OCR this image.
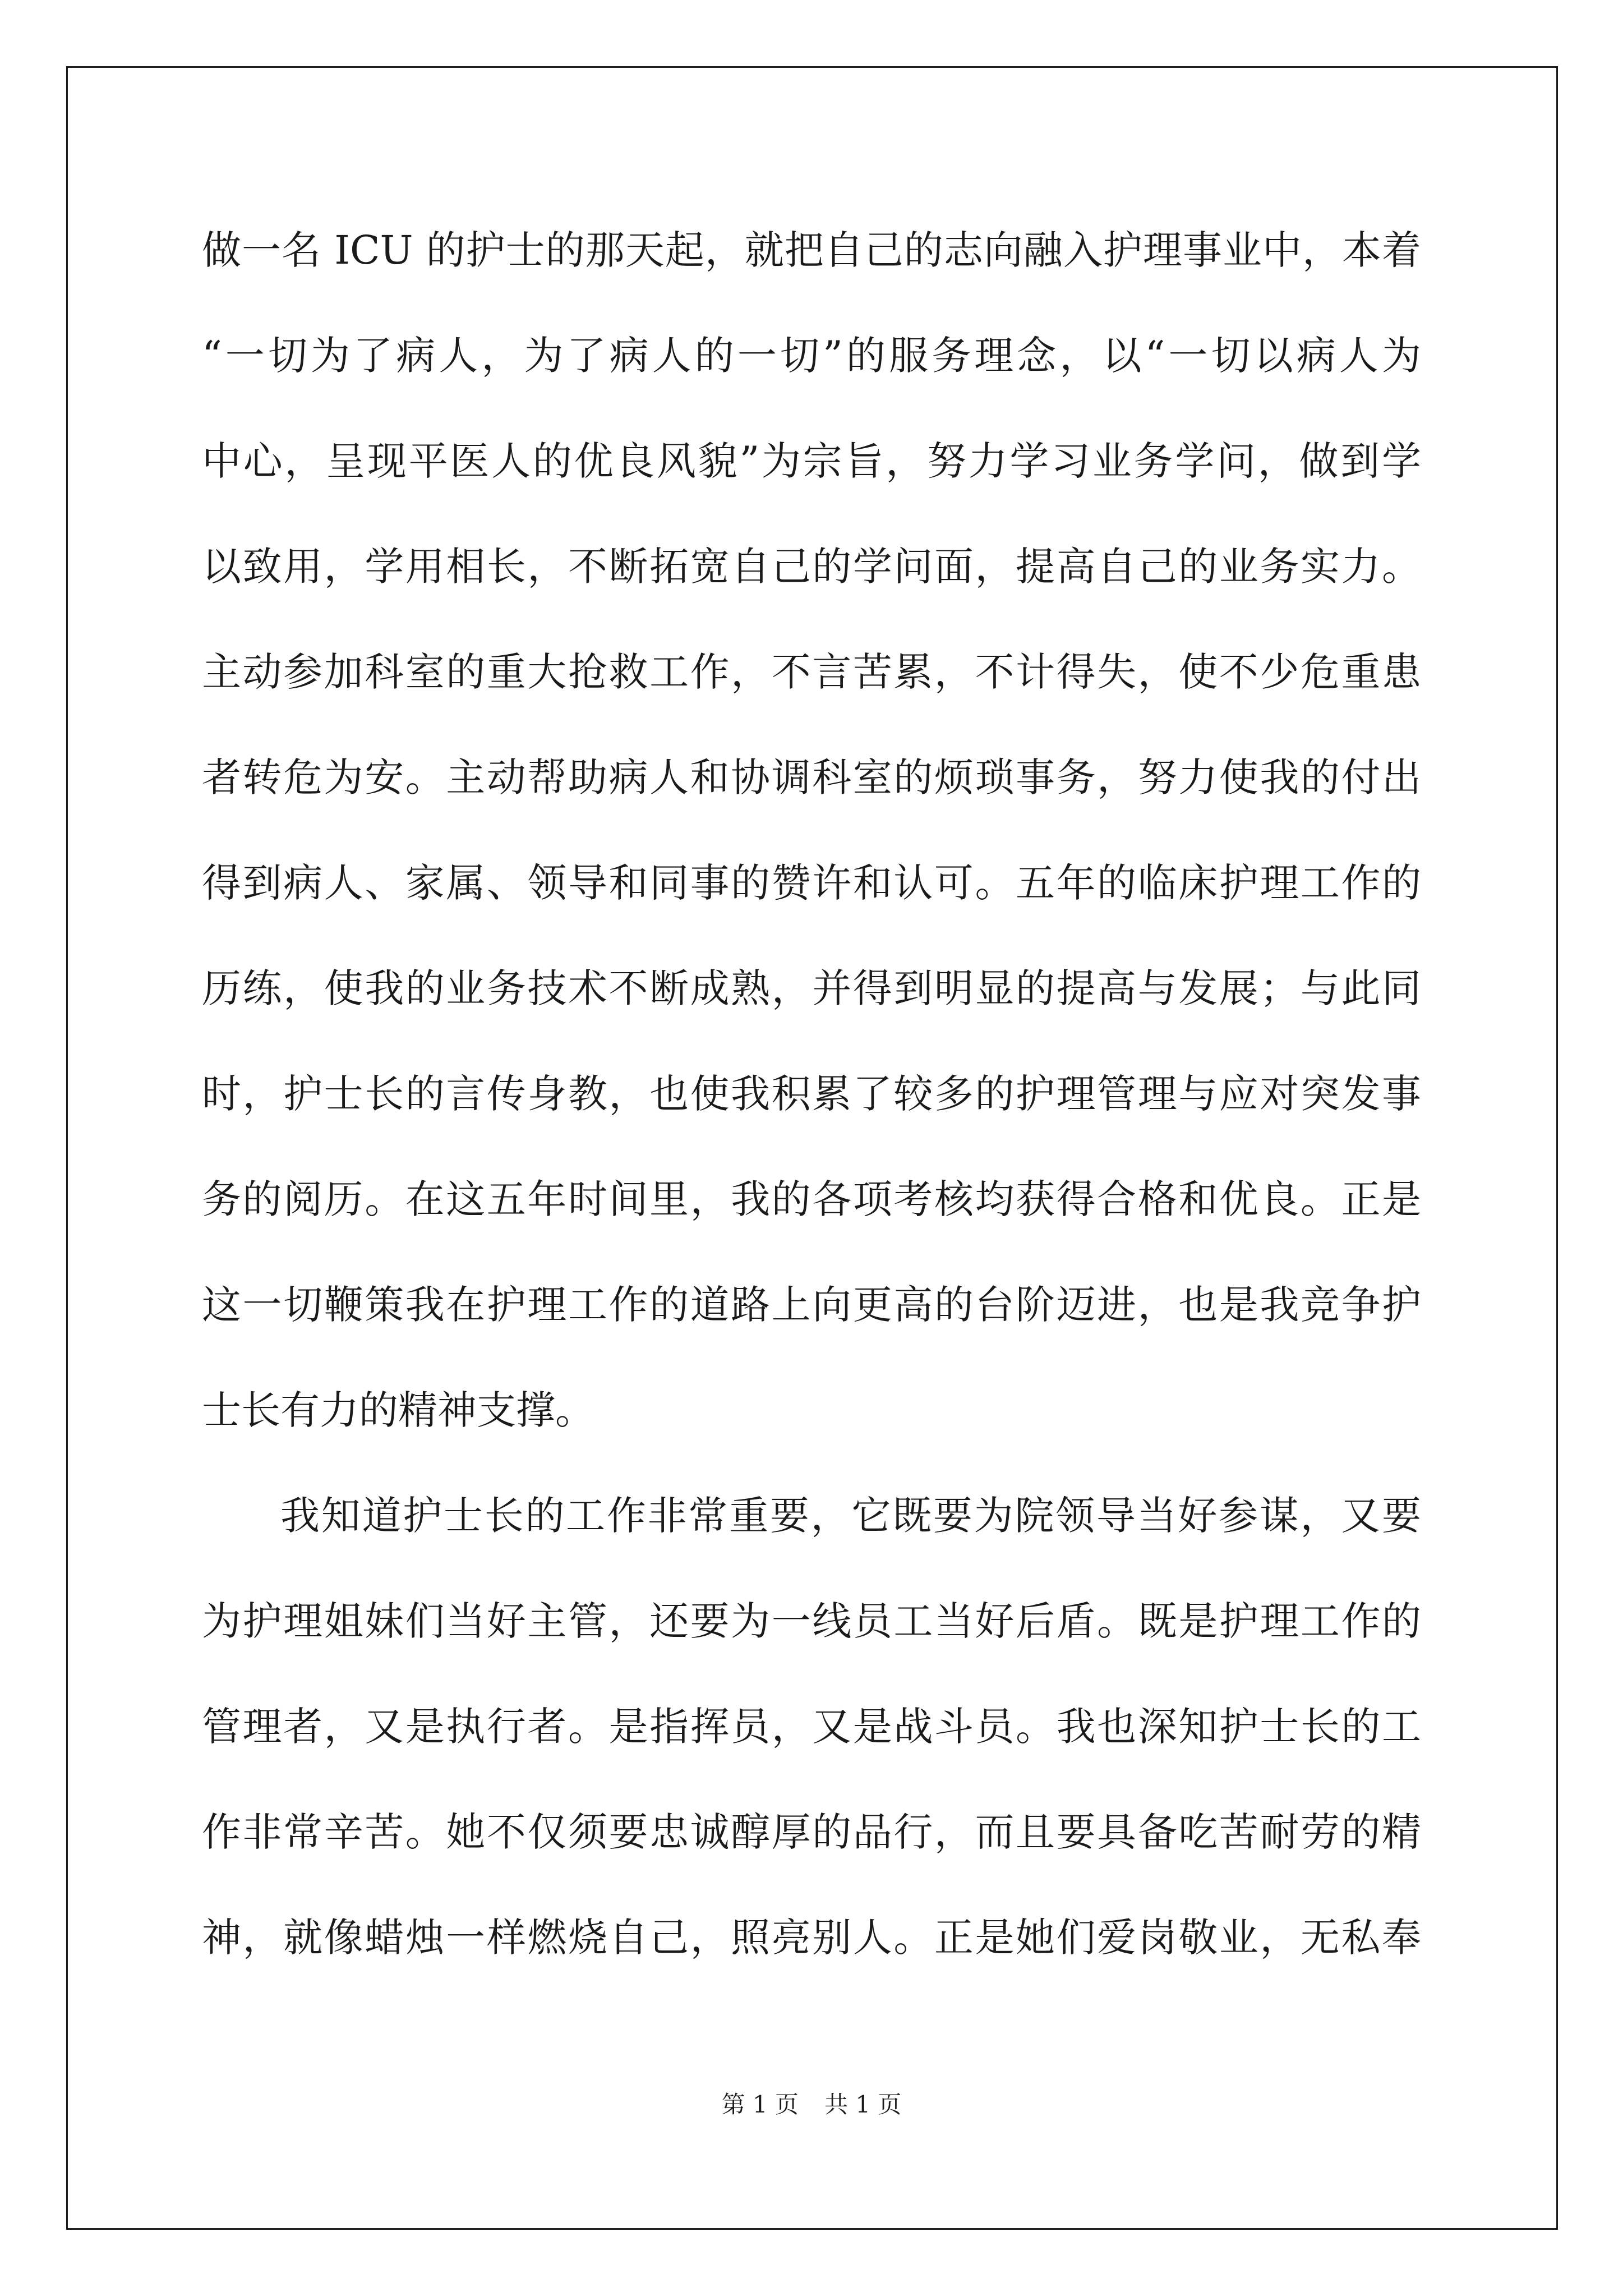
做一名 ICU 的护士的那天起，就把自己的志向融入护理事业中，本着
“一切为了病人，为了病人的一切”的服务理念，以“一切以病人为
中心，呈现平医人的优良风貌”为宗旨，努力学习业务学问，做到学
以致用，学用相长，不断拓宽自己的学问面，提高自己的业务实力。
主动参加科室的重大抢救工作，不言苦累，不计得失，使不少危重患
者转危为安。主动帮助病人和协调科室的烦琐事务，努力使我的付出
得到病人、家属、领导和同事的赞许和认可。五年的临床护理工作的
历练，使我的业务技术不断成熟，并得到明显的提高与发展；与此同
时，护士长的言传身教，也使我积累了较多的护理管理与应对突发事
务的阅历。在这五年时间里，我的各项考核均获得合格和优良。正是
这一切鞭策我在护理工作的道路上向更高的台阶迈进，也是我竞争护
士长有力的精神支撑。
我知道护士长的工作非常重要，它既要为院领导当好参谋，又要
为护理姐妹们当好主管，还要为一线员工当好后盾。既是护理工作的
管理者，又是执行者。是指挥员，又是战斗员。我也深知护士长的工
作非常辛苦。她不仅须要忠诚醇厚的品行，而且要具备吃苦耐劳的精
神，就像蜡烛一样燃烧自己，照亮别人。正是她们爱岗敬业，无私奉
第 1 页 共 1 页
